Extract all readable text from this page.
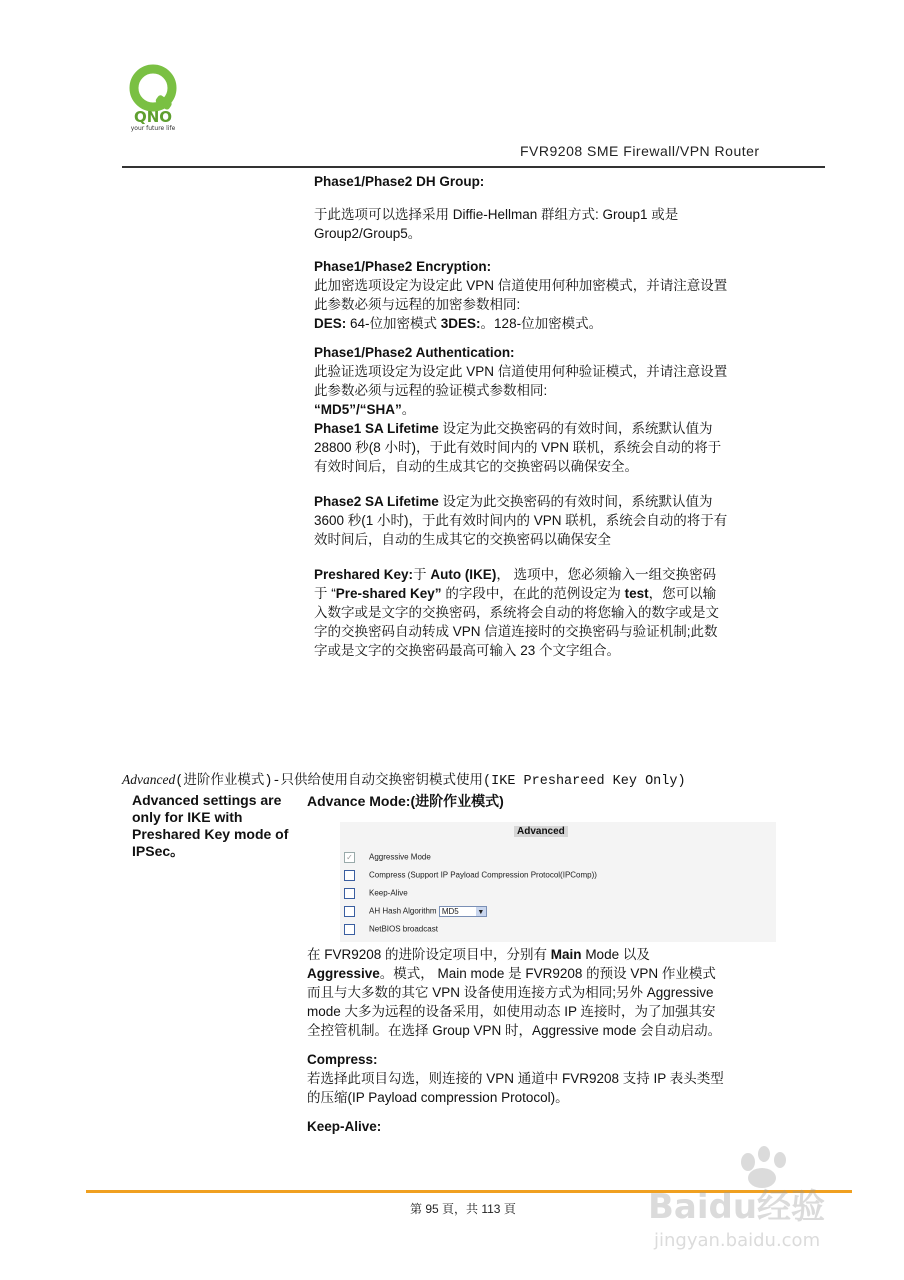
QNO
your future life
FVR9208 SME Firewall/VPN Router

Phase1/Phase2 DH Group:

于此选项可以选择采用 Diffie-Hellman 群组方式: Group1 或是

Group2/Group5。

Phase1/Phase2 Encryption:

此加密选项设定为设定此 VPN 信道使用何种加密模式，并请注意设置

此参数必须与远程的加密参数相同:

DES: 64-位加密模式 3DES:。128-位加密模式。

Phase1/Phase2 Authentication:

此验证选项设定为设定此 VPN 信道使用何种验证模式，并请注意设置

此参数必须与远程的验证模式参数相同:

“MD5”/“SHA”。

Phase1 SA Lifetime 设定为此交换密码的有效时间，系统默认值为

28800 秒(8 小时)，于此有效时间内的 VPN 联机，系统会自动的将于

有效时间后，自动的生成其它的交换密码以确保安全。

Phase2 SA Lifetime 设定为此交换密码的有效时间，系统默认值为

3600 秒(1 小时)，于此有效时间内的 VPN 联机，系统会自动的将于有

效时间后，自动的生成其它的交换密码以确保安全

Preshared Key:于 Auto (IKE)， 选项中，您必须输入一组交换密码

于 “Pre-shared Key” 的字段中，在此的范例设定为 test，您可以输

入数字或是文字的交换密码，系统将会自动的将您输入的数字或是文

字的交换密码自动转成 VPN 信道连接时的交换密码与验证机制;此数

字或是文字的交换密码最高可输入 23 个文字组合。

Advanced(进阶作业模式)-只供给使用自动交换密钥模式使用(IKE Preshareed Key Only)
Advanced settings are
only for IKE with
Preshared Key mode of
IPSec。
Advance Mode:(进阶作业模式)
Advanced
✓ Aggressive Mode
Compress (Support IP Payload Compression Protocol(IPComp))
Keep-Alive
AH Hash Algorithm MD5	▼
NetBIOS broadcast

在 FVR9208 的进阶设定项目中，分别有 Main Mode 以及

Aggressive。模式， Main mode 是 FVR9208 的预设 VPN 作业模式

而且与大多数的其它 VPN 设备使用连接方式为相同;另外 Aggressive

mode 大多为远程的设备采用，如使用动态 IP 连接时，为了加强其安

全控管机制。在选择 Group VPN 时，Aggressive mode 会自动启动。

Compress:

若选择此项目勾选，则连接的 VPN 通道中 FVR9208 支持 IP 表头类型

的压缩(IP Payload compression Protocol)。

Keep-Alive:

第 95 頁，共 113 頁	Baidu经验
jingyan.baidu.com
